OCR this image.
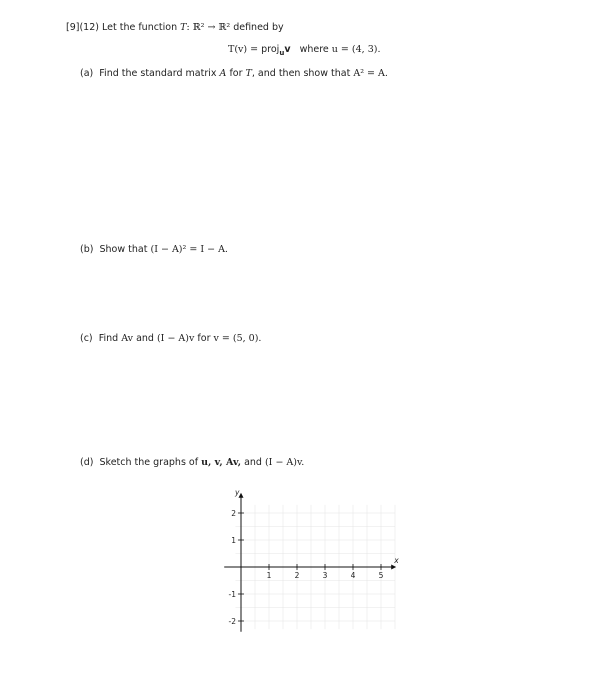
[9](12) Let the function T: ℝ² → ℝ² defined by
T(v) = proj$_u$v where u = (4, 3).
(a) Find the standard matrix A for T, and then show that A² = A.
(b) Show that (I − A)² = I − A.
(c) Find Av and (I − A)v for v = (5, 0).
(d) Sketch the graphs of u, v, Av, and (I − A)v.
1	2	3	4	5
2
1
-1
-2
x
y
